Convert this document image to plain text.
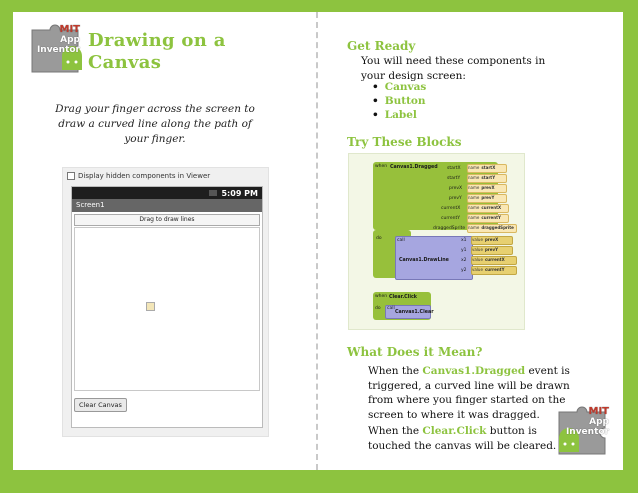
MIT
App
Inventor Drawing on a
Canvas
Drag your finger across the screen to
draw a curved line along the path of
your finger.
Display hidden components in Viewer
5:09 PM
Screen1
Drag to draw lines
Clear Canvas
Get Ready
You will need these components in
your design screen:
• Canvas
• Button
• Label
Try These Blocks
when Canvas1.Dragged startX
startY
prevX
prevY
currentX
currentY
draggedSprite
name startX
name startY
name prevX
name prevY
name currentX
name currentY
name draggedSprite
do	call
Canvas1.DrawLine
x1
y1
x2
y2
value prevX
value prevY
value currentX
value currentY
when Clear.Click
do call
Canvas1.Clear
What Does it Mean?
When the Canvas1.Dragged event is
triggered, a curved line will be drawn
from where you finger started on the
screen to where it was dragged.
When the Clear.Click button is
touched the canvas will be cleared.
MIT
App
Inventor
